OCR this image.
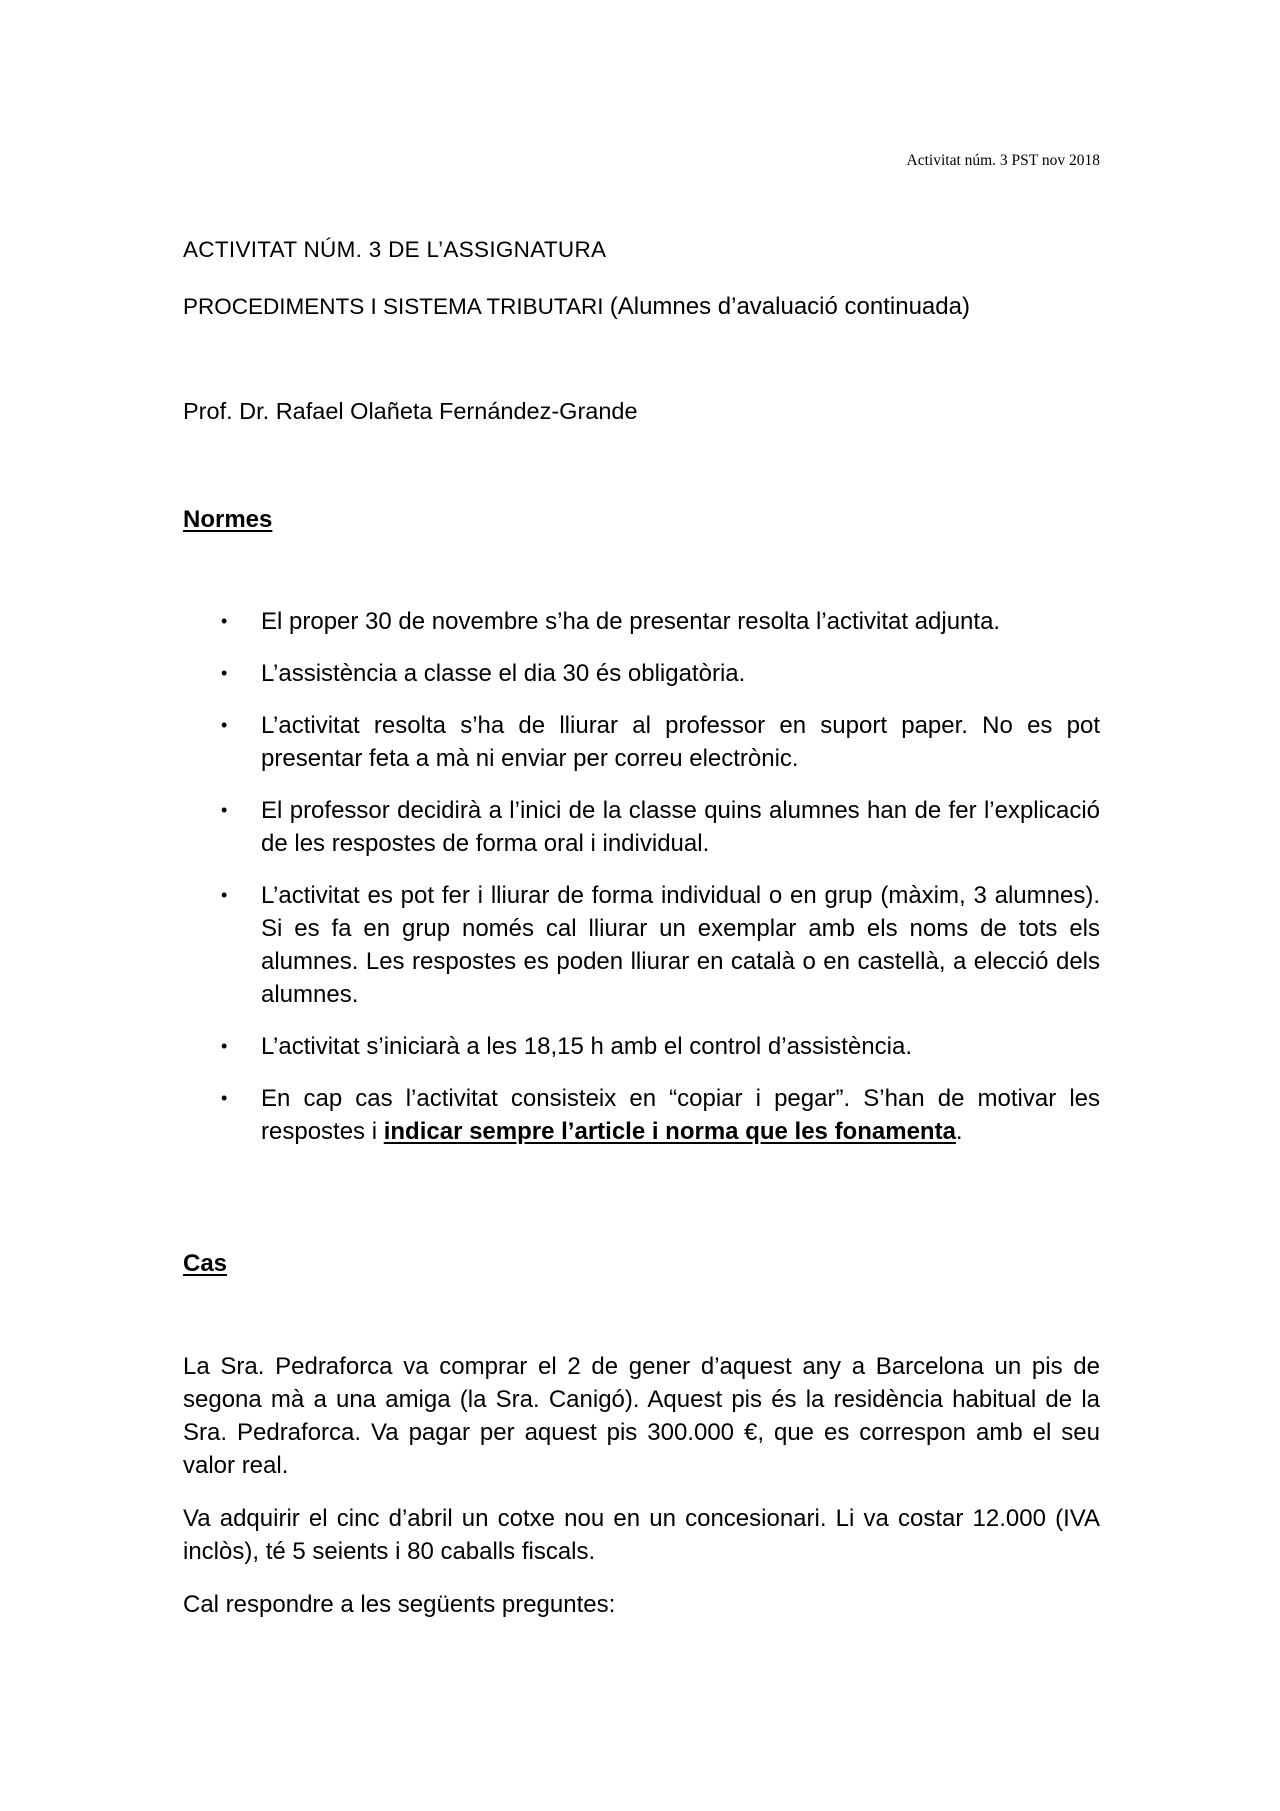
Activitat núm. 3 PST nov 2018
ACTIVITAT NÚM. 3 DE L’ASSIGNATURA
PROCEDIMENTS I SISTEMA TRIBUTARI (Alumnes d’avaluació continuada)
Prof. Dr. Rafael Olañeta Fernández-Grande
Normes
• El proper 30 de novembre s’ha de presentar resolta l’activitat adjunta.
• L’assistència a classe el dia 30 és obligatòria.
• L’activitat resolta s’ha de lliurar al professor en suport paper. No es pot presentar feta a mà ni enviar per correu electrònic.
• El professor decidirà a l’inici de la classe quins alumnes han de fer l’explicació de les respostes de forma oral i individual.
• L’activitat es pot fer i lliurar de forma individual o en grup (màxim, 3 alumnes). Si es fa en grup només cal lliurar un exemplar amb els noms de tots els alumnes. Les respostes es poden lliurar en català o en castellà, a elecció dels alumnes.
• L’activitat s’iniciarà a les 18,15 h amb el control d’assistència.
• En cap cas l’activitat consisteix en “copiar i pegar”. S’han de motivar les respostes i indicar sempre l’article i norma que les fonamenta.
Cas

La Sra. Pedraforca va comprar el 2 de gener d’aquest any a Barcelona un pis de segona mà a una amiga (la Sra. Canigó). Aquest pis és la residència habitual de la Sra. Pedraforca. Va pagar per aquest pis 300.000 €, que es correspon amb el seu valor real.

Va adquirir el cinc d’abril un cotxe nou en un concesionari. Li va costar 12.000 (IVA inclòs), té 5 seients i 80 caballs fiscals.

Cal respondre a les següents preguntes:
